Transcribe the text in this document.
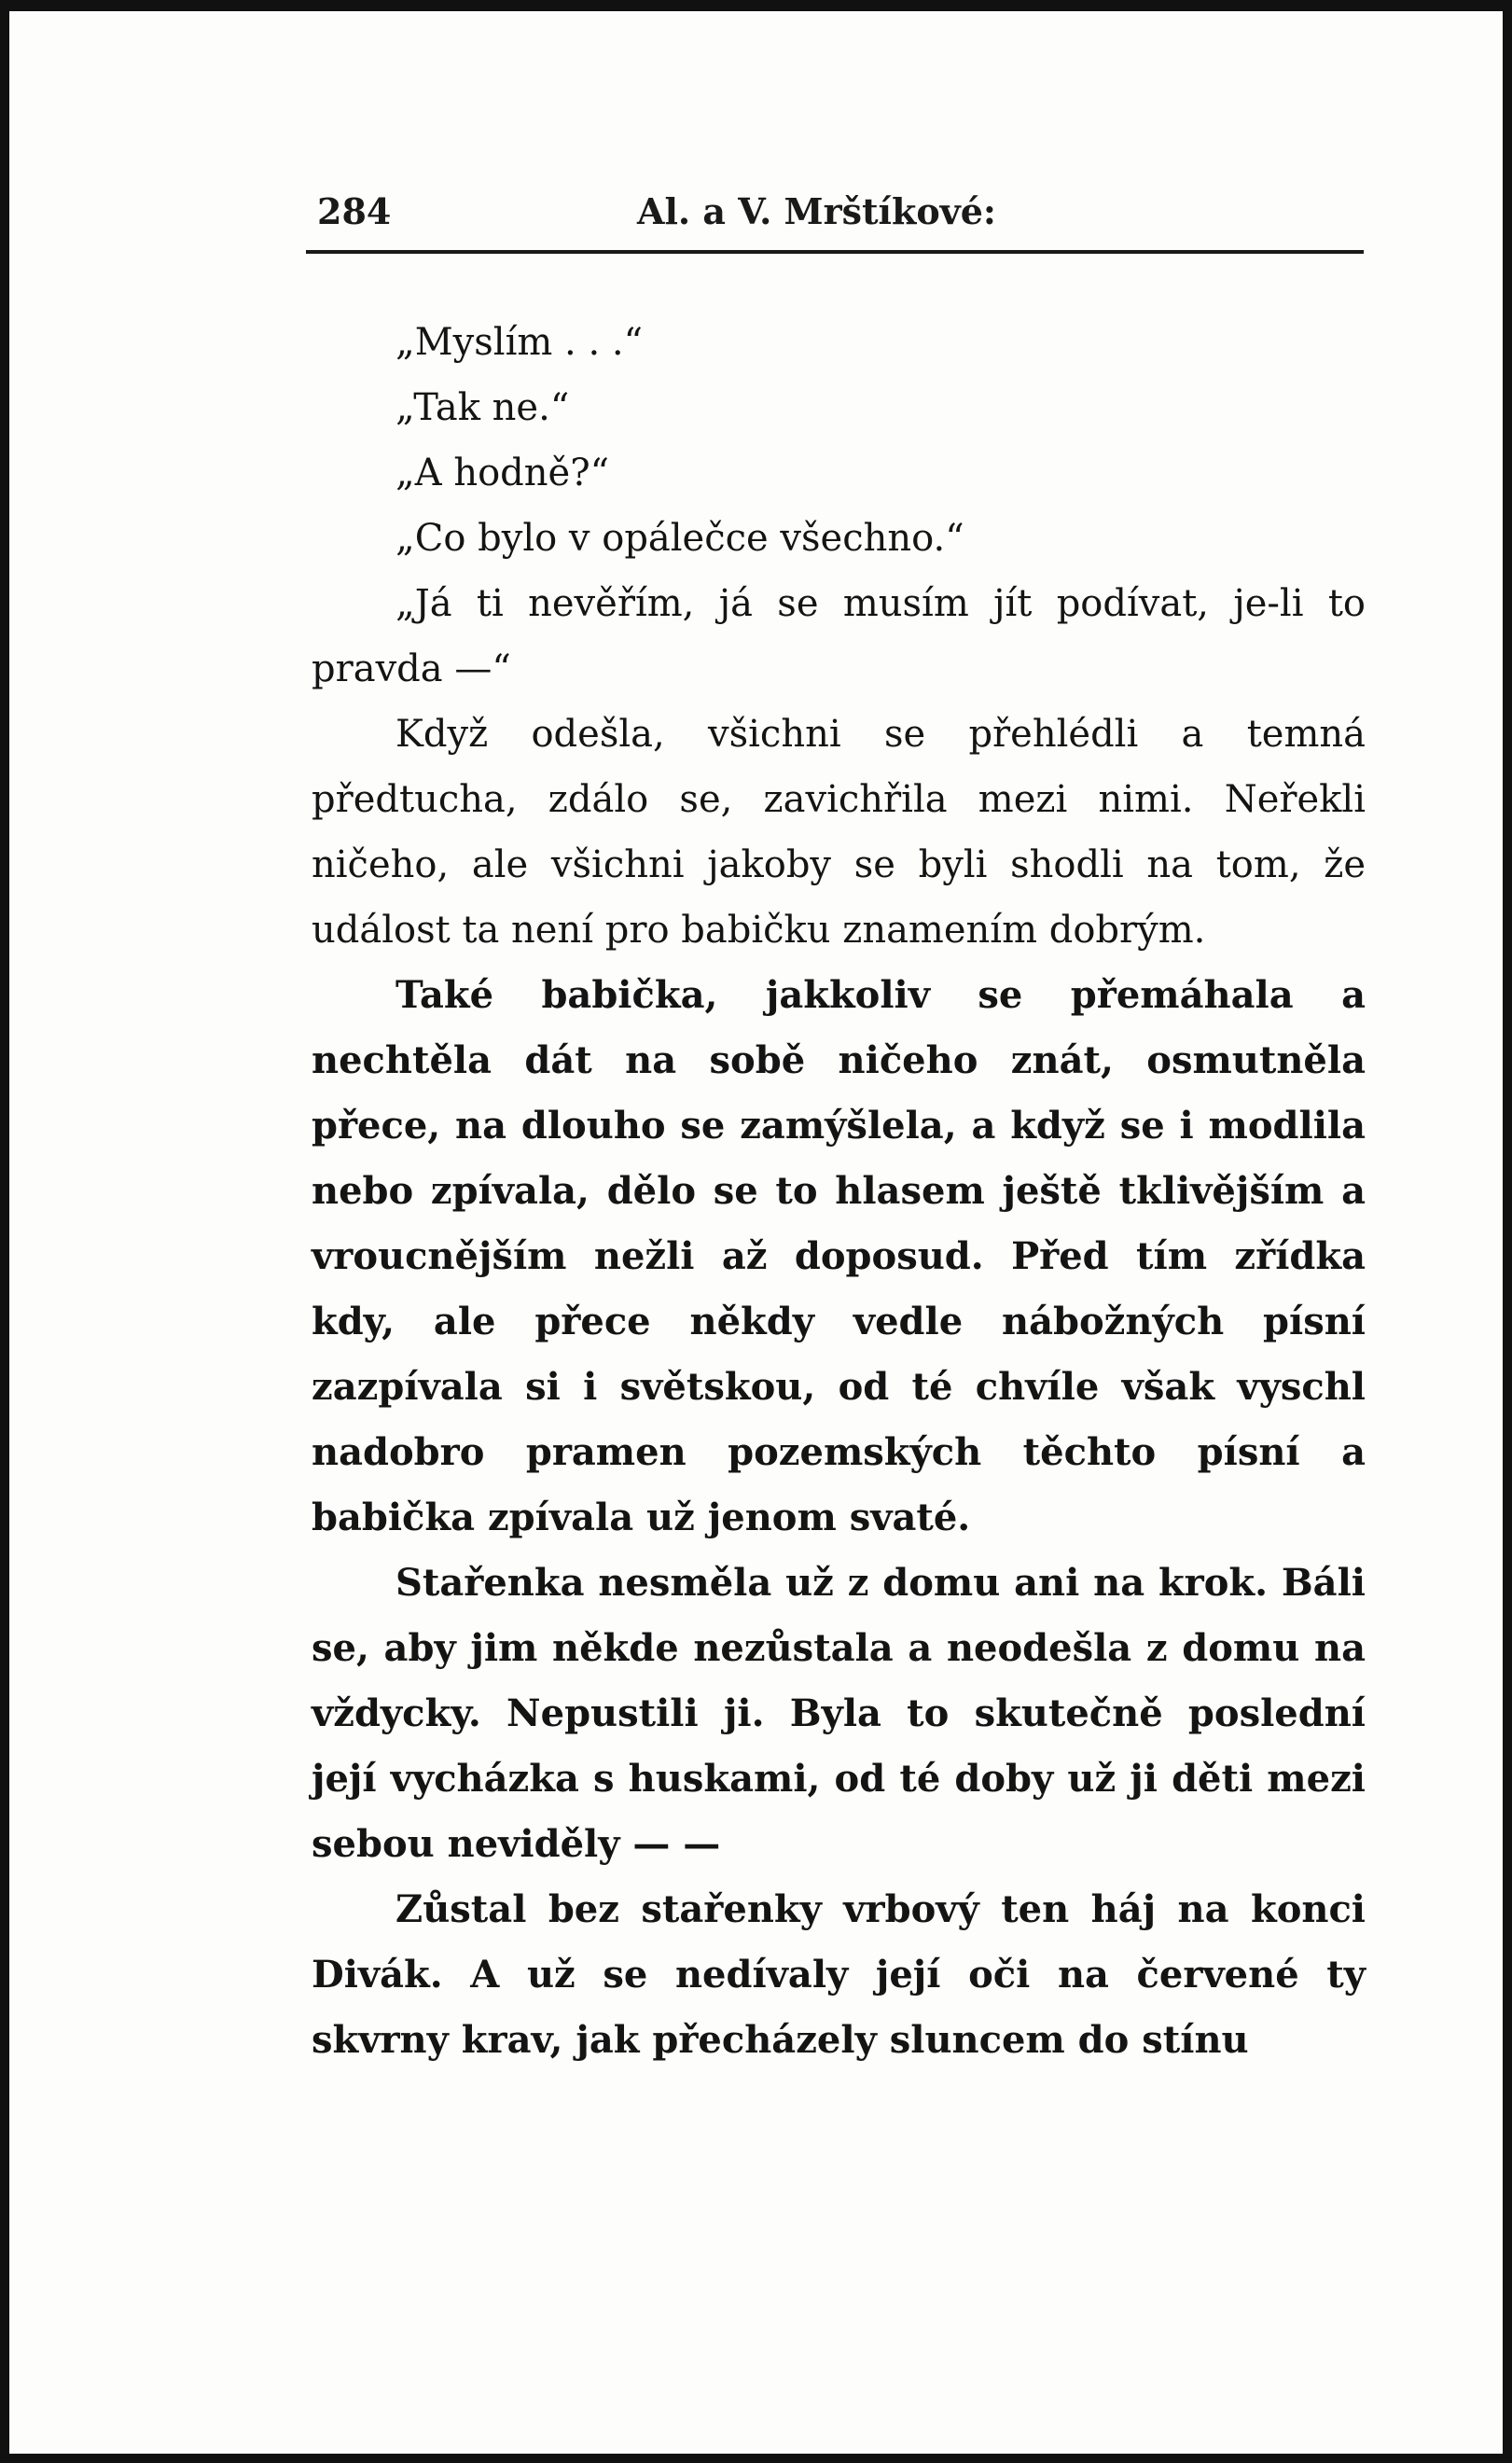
284	Al. a V. Mrštíkové:

„Myslím . . .“

„Tak ne.“

„A hodně?“

„Co bylo v opálečce všechno.“

„Já ti nevěřím, já se musím jít podívat, je-li to pravda —“

Když odešla, všichni se přehlédli a temná předtucha, zdálo se, zavichřila mezi nimi. Neřekli ničeho, ale všichni jakoby se byli shodli na tom, že událost ta není pro babičku znamením dobrým.

Také babička, jakkoliv se přemáhala a nechtěla dát na sobě ničeho znát, osmutněla přece, na dlouho se zamýšlela, a když se i modlila nebo zpívala, dělo se to hlasem ještě tklivějším a vroucnějším nežli až doposud. Před tím zřídka kdy, ale přece někdy vedle nábožných písní zazpívala si i světskou, od té chvíle však vyschl nadobro pramen pozemských těchto písní a babička zpívala už jenom svaté.

Stařenka nesměla už z domu ani na krok. Báli se, aby jim někde nezůstala a neodešla z domu na vždycky. Nepustili ji. Byla to skutečně poslední její vycházka s huskami, od té doby už ji děti mezi sebou neviděly — —

Zůstal bez stařenky vrbový ten háj na konci Divák. A už se nedívaly její oči na červené ty skvrny krav, jak přecházely sluncem do stínu
